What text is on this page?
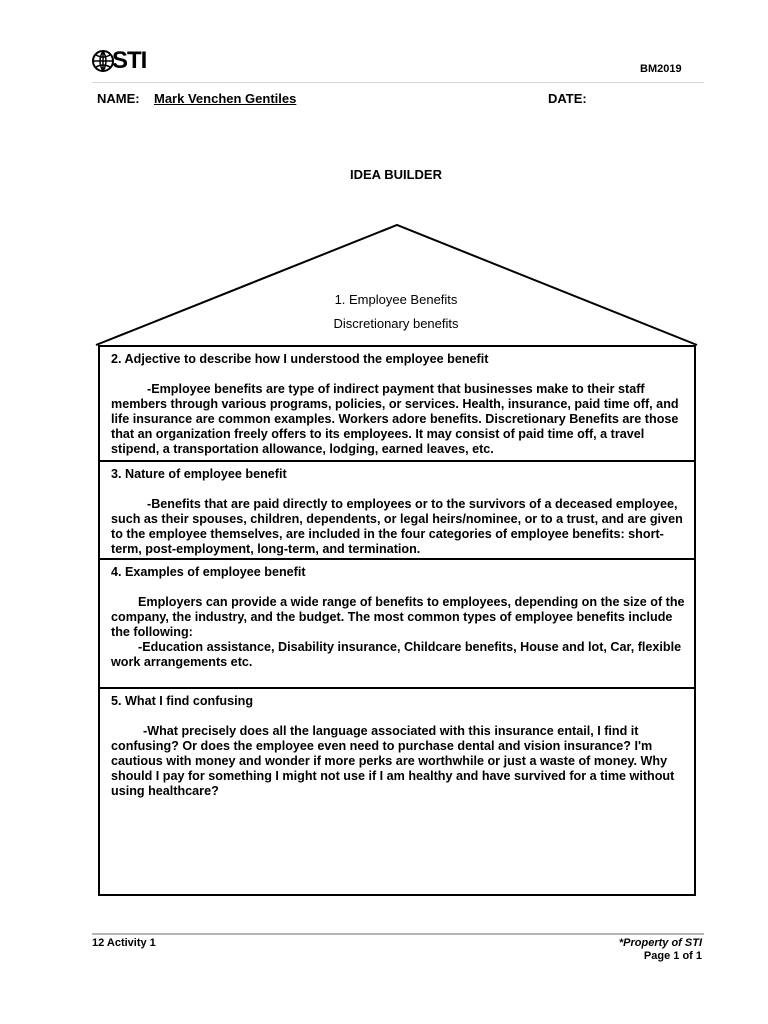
STI	BM2019
NAME: Mark Venchen Gentiles	DATE:
IDEA BUILDER
1. Employee Benefits
Discretionary benefits

2. Adjective to describe how I understood the employee benefit

-Employee benefits are type of indirect payment that businesses make to their staff members through various programs, policies, or services. Health, insurance, paid time off, and life insurance are common examples. Workers adore benefits. Discretionary Benefits are those that an organization freely offers to its employees. It may consist of paid time off, a travel stipend, a transportation allowance, lodging, earned leaves, etc.

3. Nature of employee benefit

-Benefits that are paid directly to employees or to the survivors of a deceased employee, such as their spouses, children, dependents, or legal heirs/nominee, or to a trust, and are given to the employee themselves, are included in the four categories of employee benefits: short-term, post-employment, long-term, and termination.

4. Examples of employee benefit

Employers can provide a wide range of benefits to employees, depending on the size of the company, the industry, and the budget. The most common types of employee benefits include the following:

-Education assistance, Disability insurance, Childcare benefits, House and lot, Car, flexible work arrangements etc.

5. What I find confusing

-What precisely does all the language associated with this insurance entail, I find it confusing? Or does the employee even need to purchase dental and vision insurance? I'm cautious with money and wonder if more perks are worthwhile or just a waste of money. Why should I pay for something I might not use if I am healthy and have survived for a time without using healthcare?

12 Activity 1	*Property of STI
Page 1 of 1
